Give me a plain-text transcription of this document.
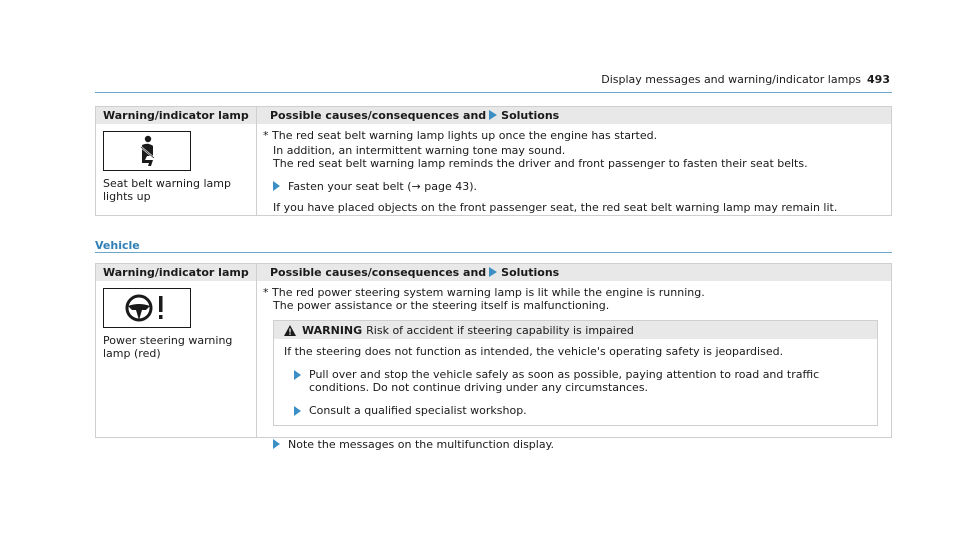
Display messages and warning/indicator lamps 493
Warning/indicator lamp Possible causes/consequences and Solutions
Seat belt warning lamp
lights up
* The red seat belt warning lamp lights up once the engine has started.
In addition, an intermittent warning tone may sound.
The red seat belt warning lamp reminds the driver and front passenger to fasten their seat belts.
Fasten your seat belt (→ page 43).
If you have placed objects on the front passenger seat, the red seat belt warning lamp may remain lit.
Vehicle
Warning/indicator lamp Possible causes/consequences and Solutions
Power steering warning
lamp (red)
* The red power steering system warning lamp is lit while the engine is running.
The power assistance or the steering itself is malfunctioning.
WARNING Risk of accident if steering capability is impaired
If the steering does not function as intended, the vehicle's operating safety is jeopardised.
Pull over and stop the vehicle safely as soon as possible, paying attention to road and traffic conditions. Do not continue driving under any circumstances.
Consult a qualified specialist workshop.
Note the messages on the multifunction display.
